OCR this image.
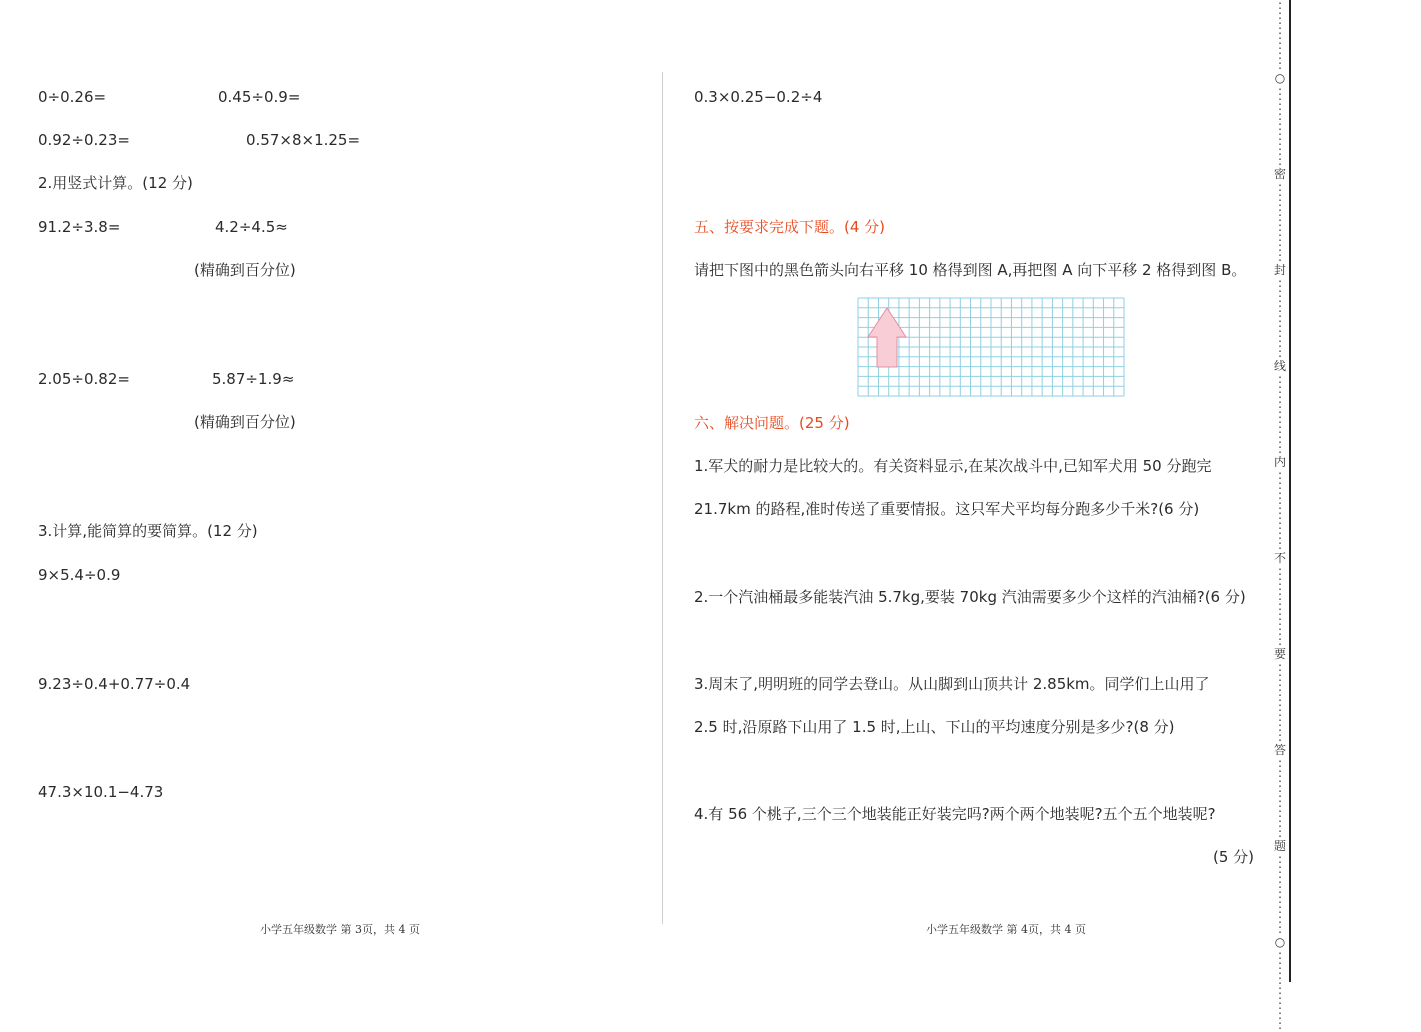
0÷0.26=	0.45÷0.9=
0.92÷0.23=	0.57×8×1.25=
2.用竖式计算。(12 分)
91.2÷3.8=	4.2÷4.5≈
(精确到百分位)
2.05÷0.82=	5.87÷1.9≈
(精确到百分位)
3.计算,能简算的要简算。(12 分)
9×5.4÷0.9
9.23÷0.4+0.77÷0.4
47.3×10.1−4.73
小学五年级数学 第 3页，共 4 页
0.3×0.25−0.2÷4
五、按要求完成下题。(4 分)
请把下图中的黑色箭头向右平移 10 格得到图 A,再把图 A 向下平移 2 格得到图 B。
六、解决问题。(25 分)
1.军犬的耐力是比较大的。有关资料显示,在某次战斗中,已知军犬用 50 分跑完
21.7km 的路程,准时传送了重要情报。这只军犬平均每分跑多少千米?(6 分)
2.一个汽油桶最多能装汽油 5.7kg,要装 70kg 汽油需要多少个这样的汽油桶?(6 分)
3.周末了,明明班的同学去登山。从山脚到山顶共计 2.85km。同学们上山用了
2.5 时,沿原路下山用了 1.5 时,上山、下山的平均速度分别是多少?(8 分)
4.有 56 个桃子,三个三个地装能正好装完吗?两个两个地装呢?五个五个地装呢?
(5 分)
小学五年级数学 第 4页，共 4 页
:
:
:
:
:
:
:
○
:
:
:
:
:
:
:
:
密
:
:
:
:
:
:
:
:
封
:
:
:
:
:
:
:
:
线
:
:
:
:
:
:
:
:
内
:
:
:
:
:
:
:
:
不
:
:
:
:
:
:
:
:
要
:
:
:
:
:
:
:
:
答
:
:
:
:
:
:
:
:
题
:
:
:
:
:
:
:
:
○
:
:
:
:
:
:
:
:
